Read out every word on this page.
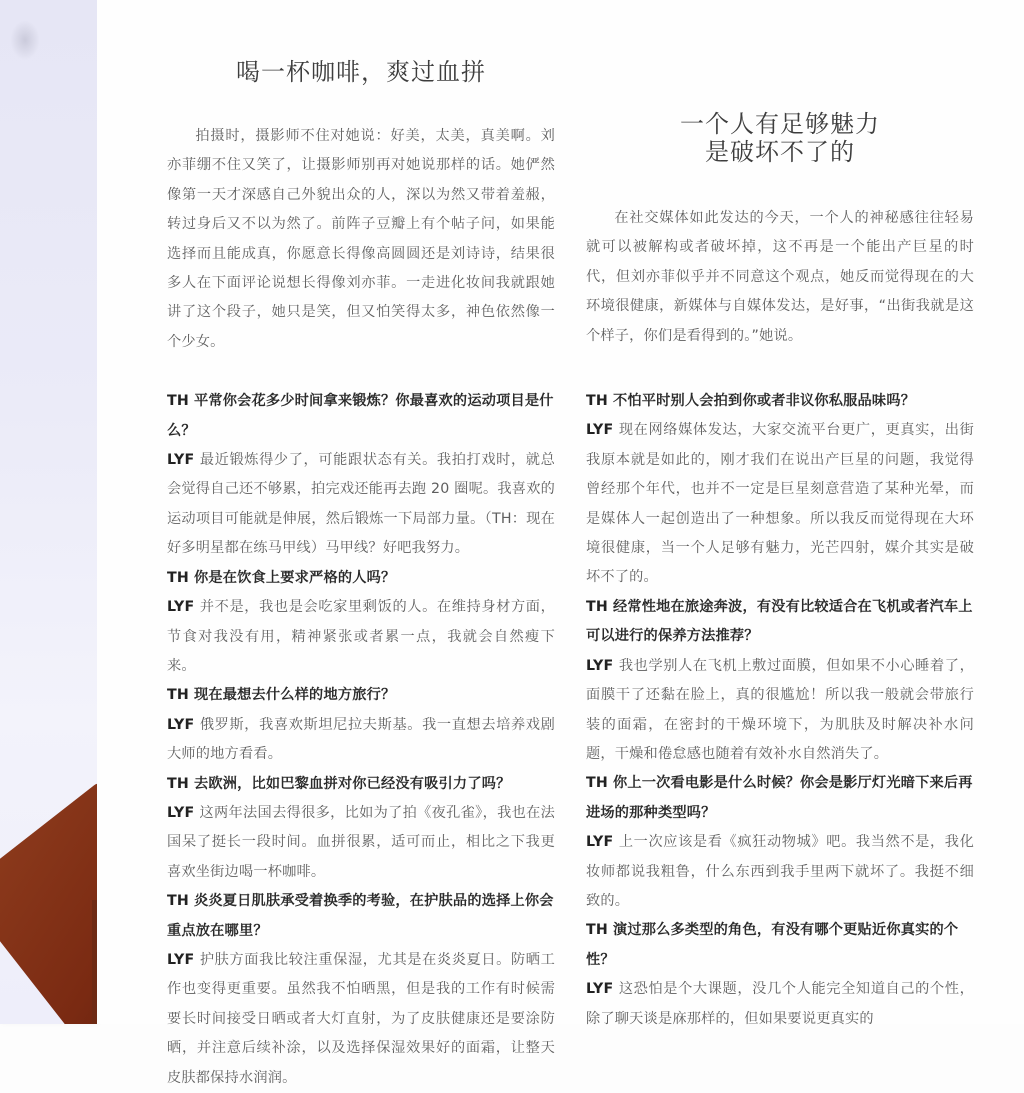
喝一杯咖啡，爽过血拼

拍摄时，摄影师不住对她说：好美，太美，真美啊。刘亦菲绷不住又笑了，让摄影师别再对她说那样的话。她俨然像第一天才深感自己外貌出众的人，深以为然又带着羞赧，转过身后又不以为然了。前阵子豆瓣上有个帖子问，如果能选择而且能成真，你愿意长得像高圆圆还是刘诗诗，结果很多人在下面评论说想长得像刘亦菲。一走进化妆间我就跟她讲了这个段子，她只是笑，但又怕笑得太多，神色依然像一个少女。

TH 平常你会花多少时间拿来锻炼？你最喜欢的运动项目是什么？

LYF 最近锻炼得少了，可能跟状态有关。我拍打戏时，就总会觉得自己还不够累，拍完戏还能再去跑 20 圈呢。我喜欢的运动项目可能就是伸展，然后锻炼一下局部力量。（TH：现在好多明星都在练马甲线）马甲线？好吧我努力。

TH 你是在饮食上要求严格的人吗？

LYF 并不是，我也是会吃家里剩饭的人。在维持身材方面，节食对我没有用，精神紧张或者累一点，我就会自然瘦下来。

TH 现在最想去什么样的地方旅行？

LYF 俄罗斯，我喜欢斯坦尼拉夫斯基。我一直想去培养戏剧大师的地方看看。

TH 去欧洲，比如巴黎血拼对你已经没有吸引力了吗？

LYF 这两年法国去得很多，比如为了拍《夜孔雀》，我也在法国呆了挺长一段时间。血拼很累，适可而止，相比之下我更喜欢坐街边喝一杯咖啡。

TH 炎炎夏日肌肤承受着换季的考验，在护肤品的选择上你会重点放在哪里？

LYF 护肤方面我比较注重保湿，尤其是在炎炎夏日。防晒工作也变得更重要。虽然我不怕晒黑，但是我的工作有时候需要长时间接受日晒或者大灯直射，为了皮肤健康还是要涂防晒，并注意后续补涂，以及选择保湿效果好的面霜，让整天皮肤都保持水润润。

一个人有足够魅力
是破坏不了的

在社交媒体如此发达的今天，一个人的神秘感往往轻易就可以被解构或者破坏掉，这不再是一个能出产巨星的时代，但刘亦菲似乎并不同意这个观点，她反而觉得现在的大环境很健康，新媒体与自媒体发达，是好事，“出街我就是这个样子，你们是看得到的。”她说。

TH 不怕平时别人会拍到你或者非议你私服品味吗？

LYF 现在网络媒体发达，大家交流平台更广，更真实，出街我原本就是如此的，刚才我们在说出产巨星的问题，我觉得曾经那个年代，也并不一定是巨星刻意营造了某种光晕，而是媒体人一起创造出了一种想象。所以我反而觉得现在大环境很健康，当一个人足够有魅力，光芒四射，媒介其实是破坏不了的。

TH 经常性地在旅途奔波，有没有比较适合在飞机或者汽车上可以进行的保养方法推荐？

LYF 我也学别人在飞机上敷过面膜，但如果不小心睡着了，面膜干了还黏在脸上，真的很尴尬！所以我一般就会带旅行装的面霜，在密封的干燥环境下，为肌肤及时解决补水问题，干燥和倦怠感也随着有效补水自然消失了。

TH 你上一次看电影是什么时候？你会是影厅灯光暗下来后再进场的那种类型吗？

LYF 上一次应该是看《疯狂动物城》吧。我当然不是，我化妆师都说我粗鲁，什么东西到我手里两下就坏了。我挺不细致的。

TH 演过那么多类型的角色，有没有哪个更贴近你真实的个性？

LYF 这恐怕是个大课题，没几个人能完全知道自己的个性，除了聊天谈是庥那样的，但如果要说更真实的
